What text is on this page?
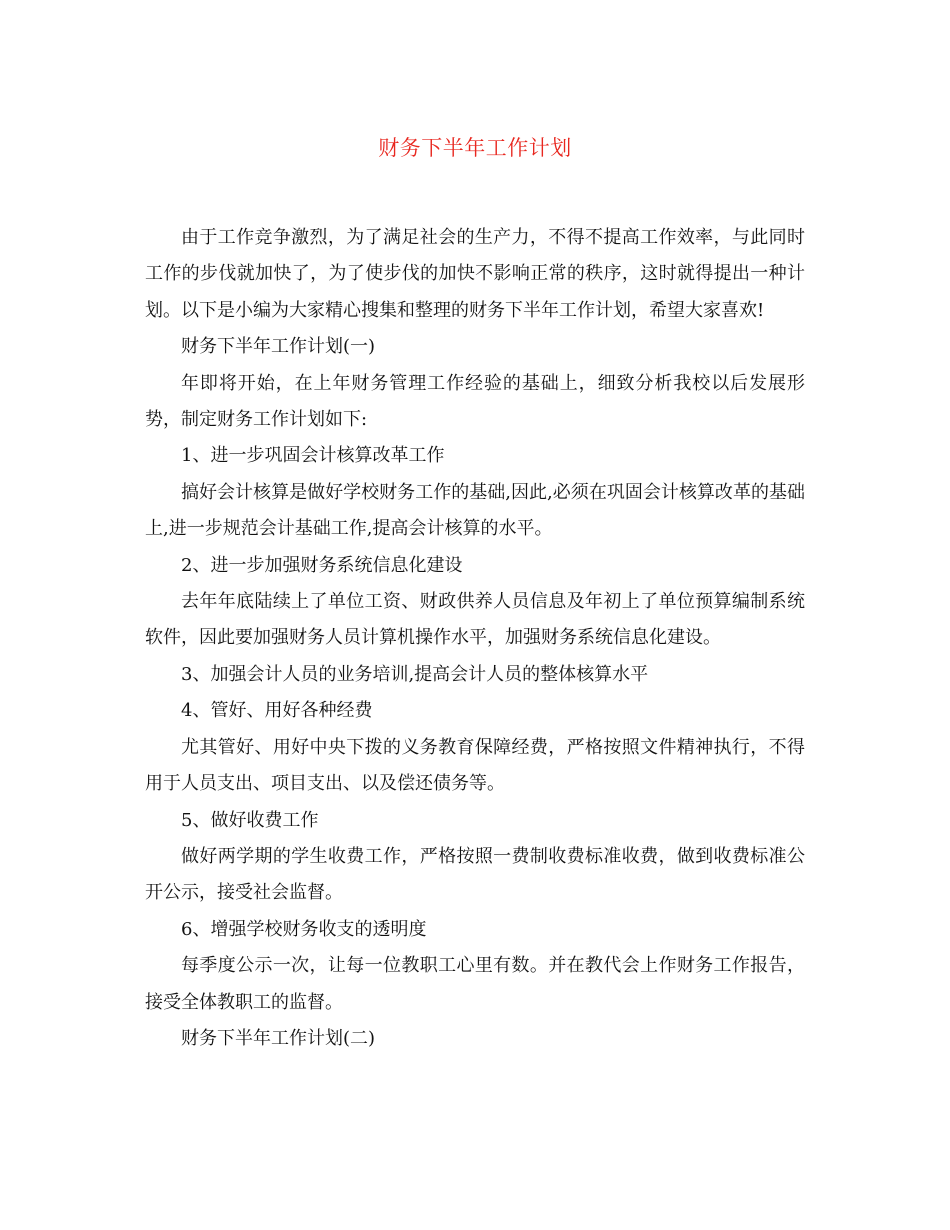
财务下半年工作计划

由于工作竞争激烈，为了满足社会的生产力，不得不提高工作效率，与此同时工作的步伐就加快了，为了使步伐的加快不影响正常的秩序，这时就得提出一种计划。以下是小编为大家精心搜集和整理的财务下半年工作计划，希望大家喜欢!

财务下半年工作计划(一)

年即将开始，在上年财务管理工作经验的基础上，细致分析我校以后发展形势，制定财务工作计划如下:

1、进一步巩固会计核算改革工作

搞好会计核算是做好学校财务工作的基础,因此,必须在巩固会计核算改革的基础上,进一步规范会计基础工作,提高会计核算的水平。

2、进一步加强财务系统信息化建设

去年年底陆续上了单位工资、财政供养人员信息及年初上了单位预算编制系统软件，因此要加强财务人员计算机操作水平，加强财务系统信息化建设。

3、加强会计人员的业务培训,提高会计人员的整体核算水平

4、管好、用好各种经费

尤其管好、用好中央下拨的义务教育保障经费，严格按照文件精神执行，不得用于人员支出、项目支出、以及偿还债务等。

5、做好收费工作

做好两学期的学生收费工作，严格按照一费制收费标准收费，做到收费标准公开公示，接受社会监督。

6、增强学校财务收支的透明度

每季度公示一次，让每一位教职工心里有数。并在教代会上作财务工作报告，接受全体教职工的监督。

财务下半年工作计划(二)
